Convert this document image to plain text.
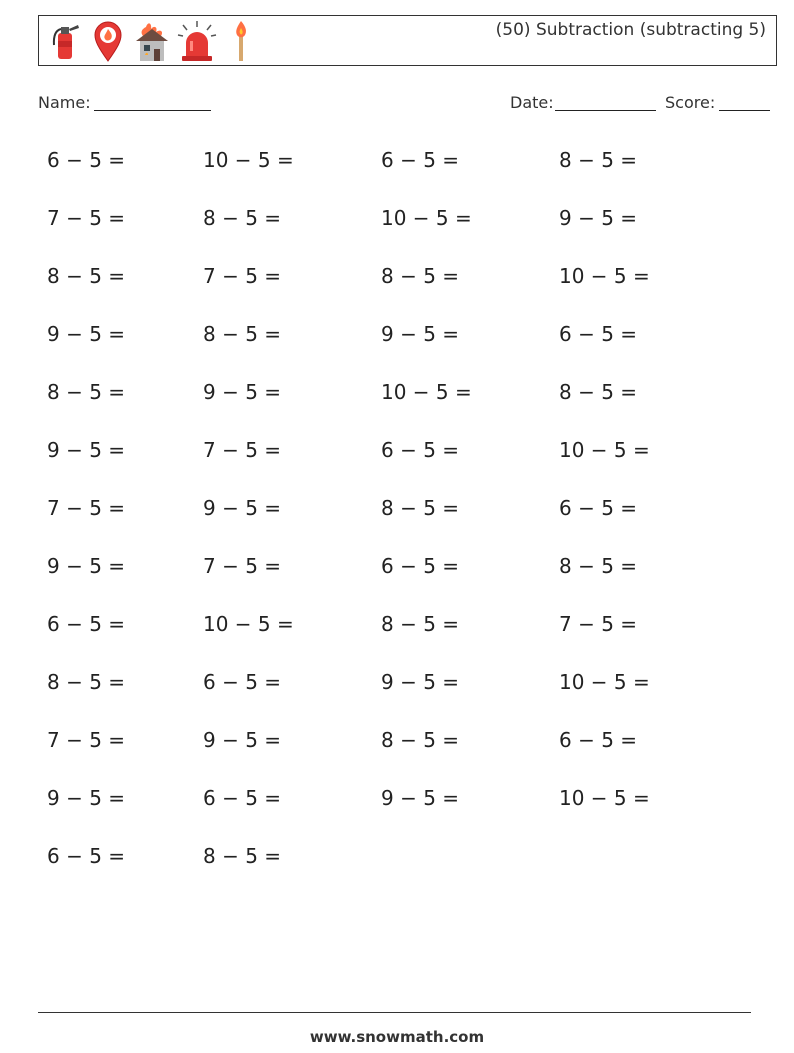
(50) Subtraction (subtracting 5)
Name:	Date:	Score:
6 − 5 =	10 − 5 =	6 − 5 =	8 − 5 =
7 − 5 =	8 − 5 =	10 − 5 =	9 − 5 =
8 − 5 =	7 − 5 =	8 − 5 =	10 − 5 =
9 − 5 =	8 − 5 =	9 − 5 =	6 − 5 =
8 − 5 =	9 − 5 =	10 − 5 =	8 − 5 =
9 − 5 =	7 − 5 =	6 − 5 =	10 − 5 =
7 − 5 =	9 − 5 =	8 − 5 =	6 − 5 =
9 − 5 =	7 − 5 =	6 − 5 =	8 − 5 =
6 − 5 =	10 − 5 =	8 − 5 =	7 − 5 =
8 − 5 =	6 − 5 =	9 − 5 =	10 − 5 =
7 − 5 =	9 − 5 =	8 − 5 =	6 − 5 =
9 − 5 =	6 − 5 =	9 − 5 =	10 − 5 =
6 − 5 =	8 − 5 =
www.snowmath.com
